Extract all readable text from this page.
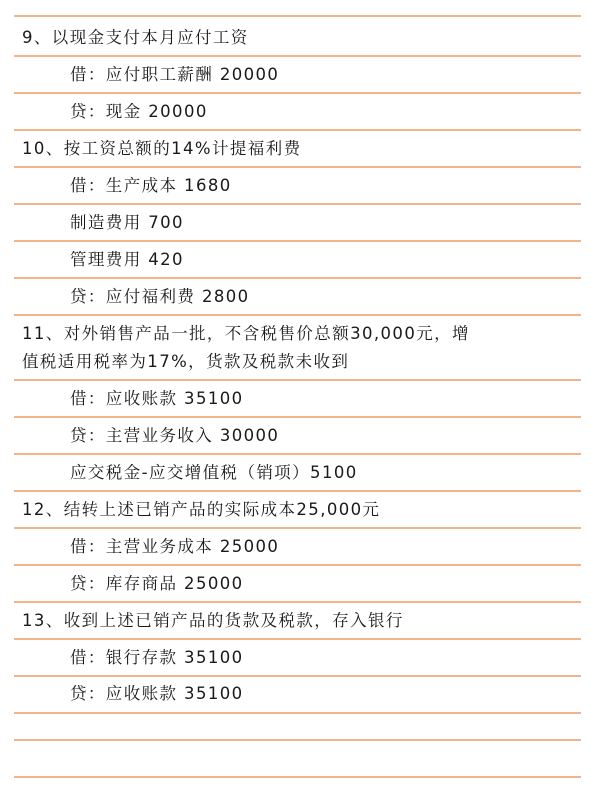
9、以现金支付本月应付工资
借：应付职工薪酬 20000
贷：现金 20000
10、按工资总额的14%计提福利费
借：生产成本 1680
制造费用 700
管理费用 420
贷：应付福利费 2800
11、对外销售产品一批，不含税售价总额30,000元，增
值税适用税率为17%，货款及税款未收到
借：应收账款 35100
贷：主营业务收入 30000
应交税金-应交增值税（销项）5100
12、结转上述已销产品的实际成本25,000元
借：主营业务成本 25000
贷：库存商品 25000
13、收到上述已销产品的货款及税款，存入银行
借：银行存款 35100
贷：应收账款 35100
